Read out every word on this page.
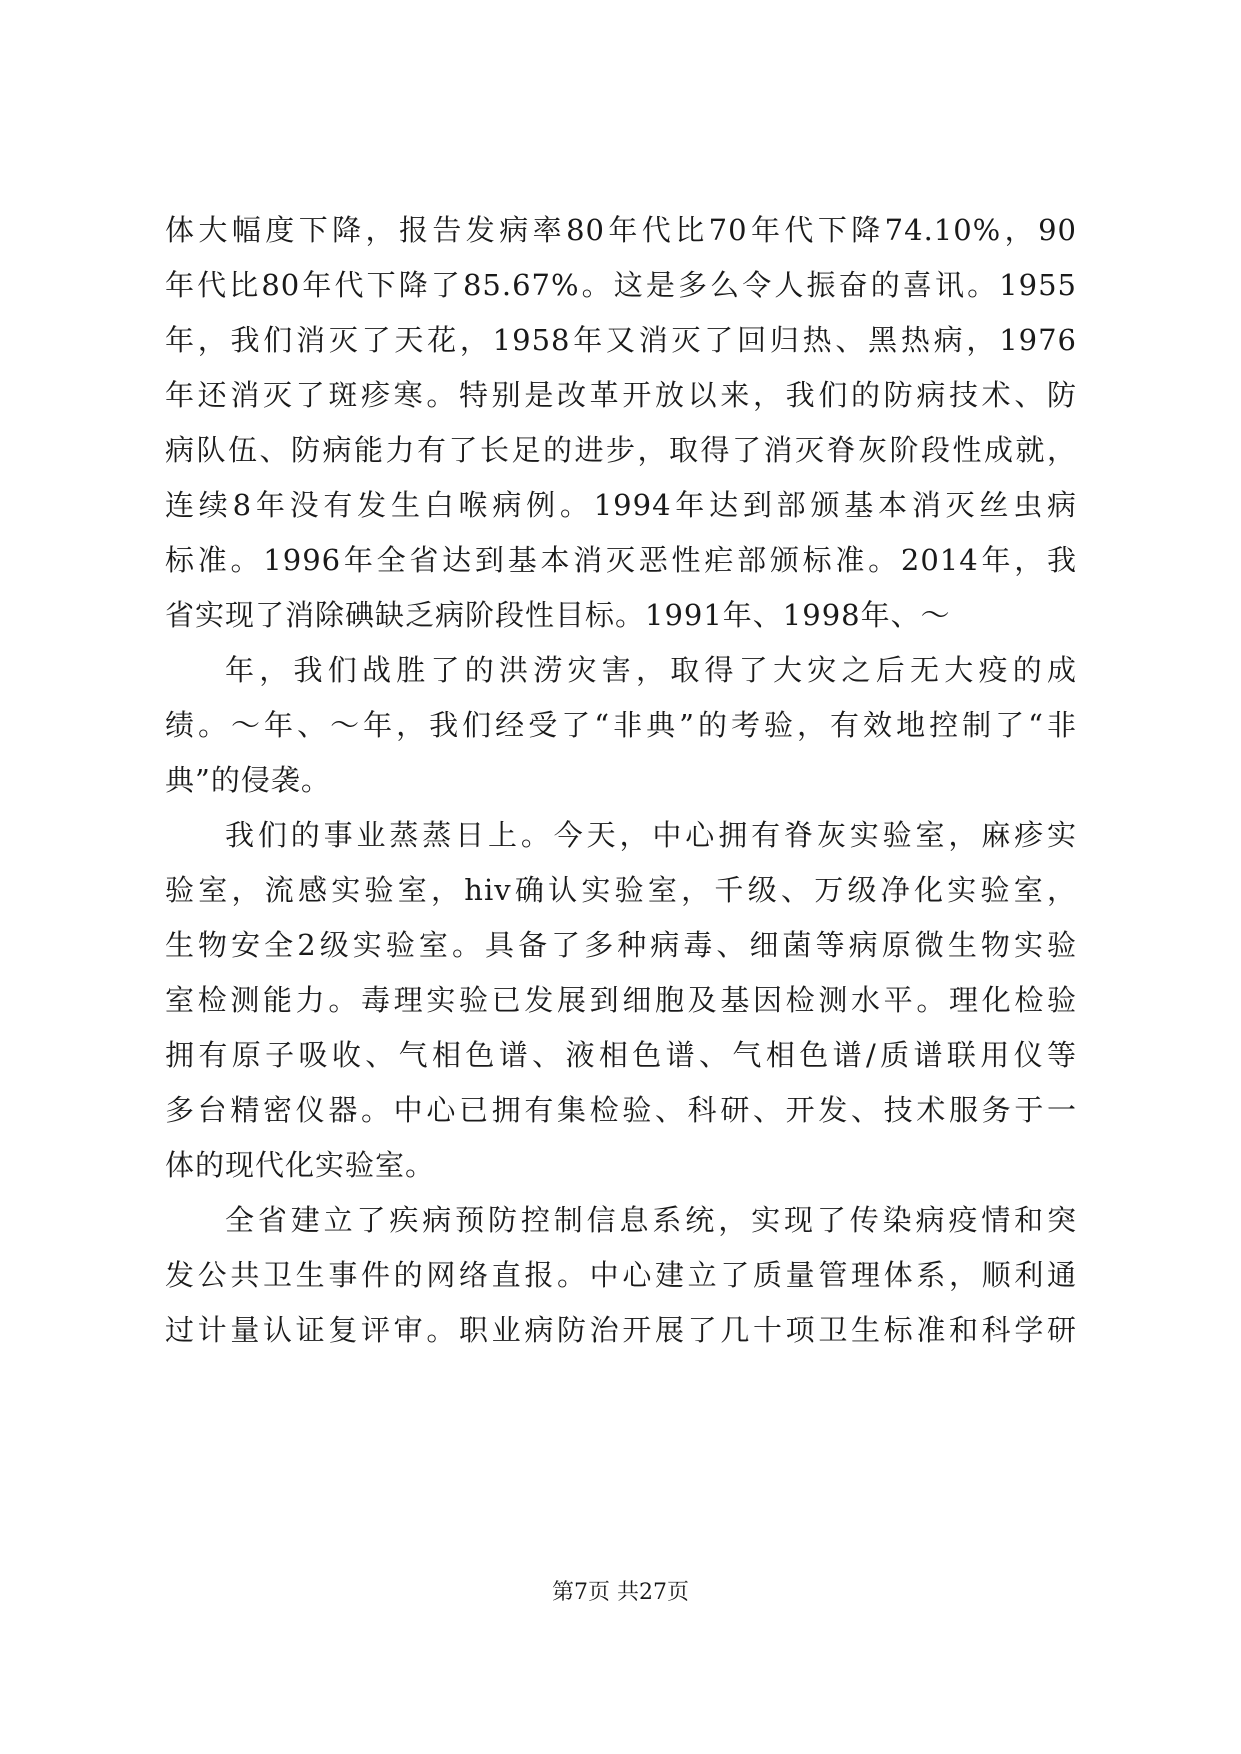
体大幅度下降，报告发病率80年代比70年代下降74.10%，90
年代比80年代下降了85.67%。这是多么令人振奋的喜讯。1955
年，我们消灭了天花，1958年又消灭了回归热、黑热病，1976
年还消灭了斑疹寒。特别是改革开放以来，我们的防病技术、防
病队伍、防病能力有了长足的进步，取得了消灭脊灰阶段性成就，
连续8年没有发生白喉病例。1994年达到部颁基本消灭丝虫病
标准。1996年全省达到基本消灭恶性疟部颁标准。2014年，我
省实现了消除碘缺乏病阶段性目标。1991年、1998年、～
年，我们战胜了的洪涝灾害，取得了大灾之后无大疫的成
绩。～年、～年，我们经受了“非典”的考验，有效地控制了“非
典”的侵袭。
我们的事业蒸蒸日上。今天，中心拥有脊灰实验室，麻疹实
验室，流感实验室，hiv确认实验室，千级、万级净化实验室，
生物安全2级实验室。具备了多种病毒、细菌等病原微生物实验
室检测能力。毒理实验已发展到细胞及基因检测水平。理化检验
拥有原子吸收、气相色谱、液相色谱、气相色谱/质谱联用仪等
多台精密仪器。中心已拥有集检验、科研、开发、技术服务于一
体的现代化实验室。
全省建立了疾病预防控制信息系统，实现了传染病疫情和突
发公共卫生事件的网络直报。中心建立了质量管理体系，顺利通
过计量认证复评审。职业病防治开展了几十项卫生标准和科学研
第7页 共27页
